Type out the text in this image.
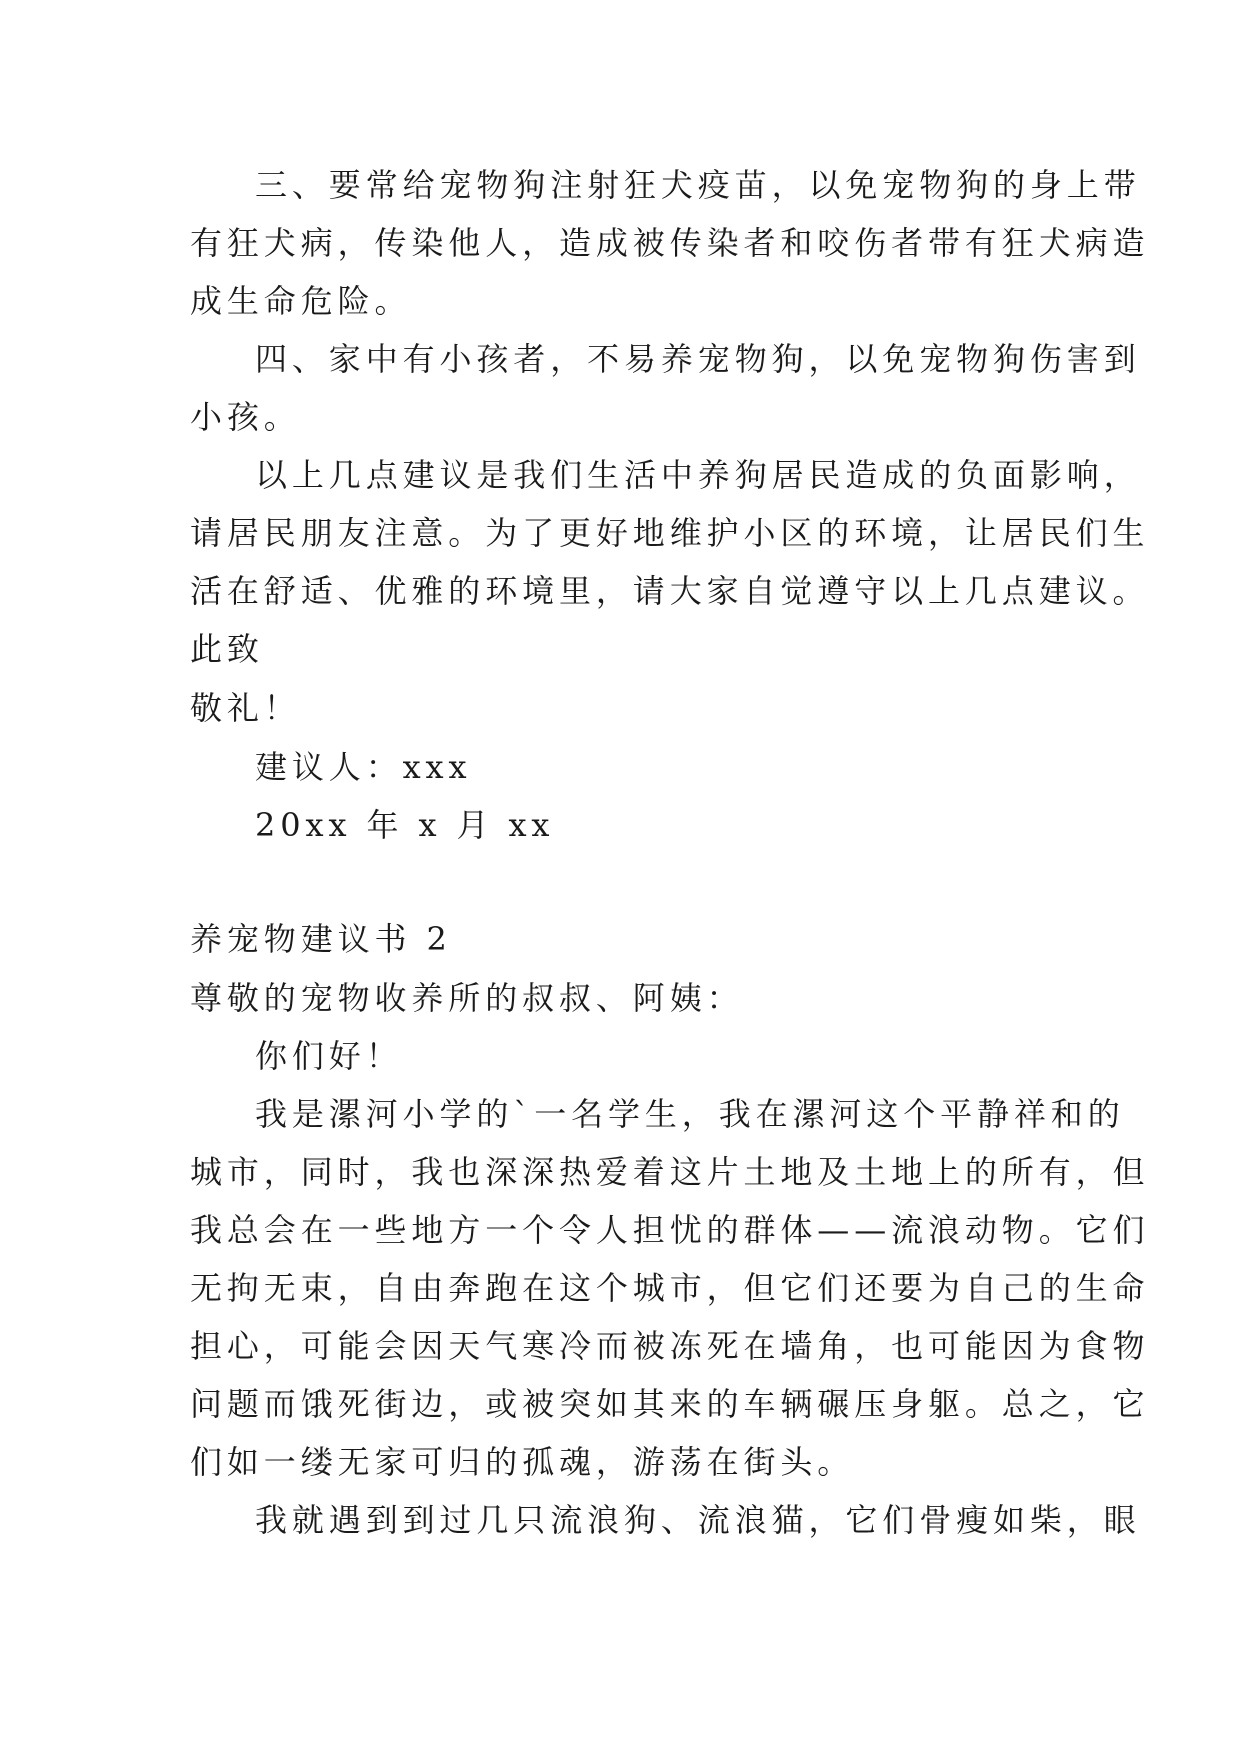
三、要常给宠物狗注射狂犬疫苗，以免宠物狗的身上带
有狂犬病，传染他人，造成被传染者和咬伤者带有狂犬病造
成生命危险。
四、家中有小孩者，不易养宠物狗，以免宠物狗伤害到
小孩。
以上几点建议是我们生活中养狗居民造成的负面影响，
请居民朋友注意。为了更好地维护小区的环境，让居民们生
活在舒适、优雅的环境里，请大家自觉遵守以上几点建议。
此致
敬礼！
建议人：xxx
20xx 年 x 月 xx
养宠物建议书 2
尊敬的宠物收养所的叔叔、阿姨：
你们好！
我是漯河小学的`一名学生，我在漯河这个平静祥和的
城市，同时，我也深深热爱着这片土地及土地上的所有，但
我总会在一些地方一个令人担忧的群体——流浪动物。它们
无拘无束，自由奔跑在这个城市，但它们还要为自己的生命
担心，可能会因天气寒冷而被冻死在墙角，也可能因为食物
问题而饿死街边，或被突如其来的车辆碾压身躯。总之，它
们如一缕无家可归的孤魂，游荡在街头。
我就遇到到过几只流浪狗、流浪猫，它们骨瘦如柴，眼
